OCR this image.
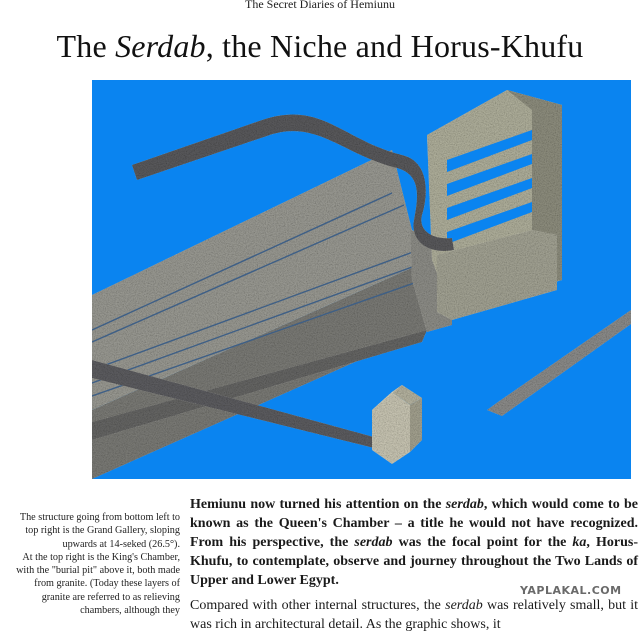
The Secret Diaries of Hemiunu
The Serdab, the Niche and Horus-Khufu

The structure going from bottom left to top right is the Grand Gallery, sloping upwards at 14-seked (26.5°).

At the top right is the King's Chamber, with the "burial pit" above it, both made from granite. (Today these layers of granite are referred to as relieving chambers, although they

Hemiunu now turned his attention on the serdab, which would come to be known as the Queen's Chamber – a title he would not have recognized. From his perspective, the serdab was the focal point for the ka, Horus-Khufu, to contemplate, observe and journey throughout the Two Lands of Upper and Lower Egypt.

Compared with other internal structures, the serdab was relatively small, but it was rich in architectural detail. As the graphic shows, it

YAPLAKAL.COM
